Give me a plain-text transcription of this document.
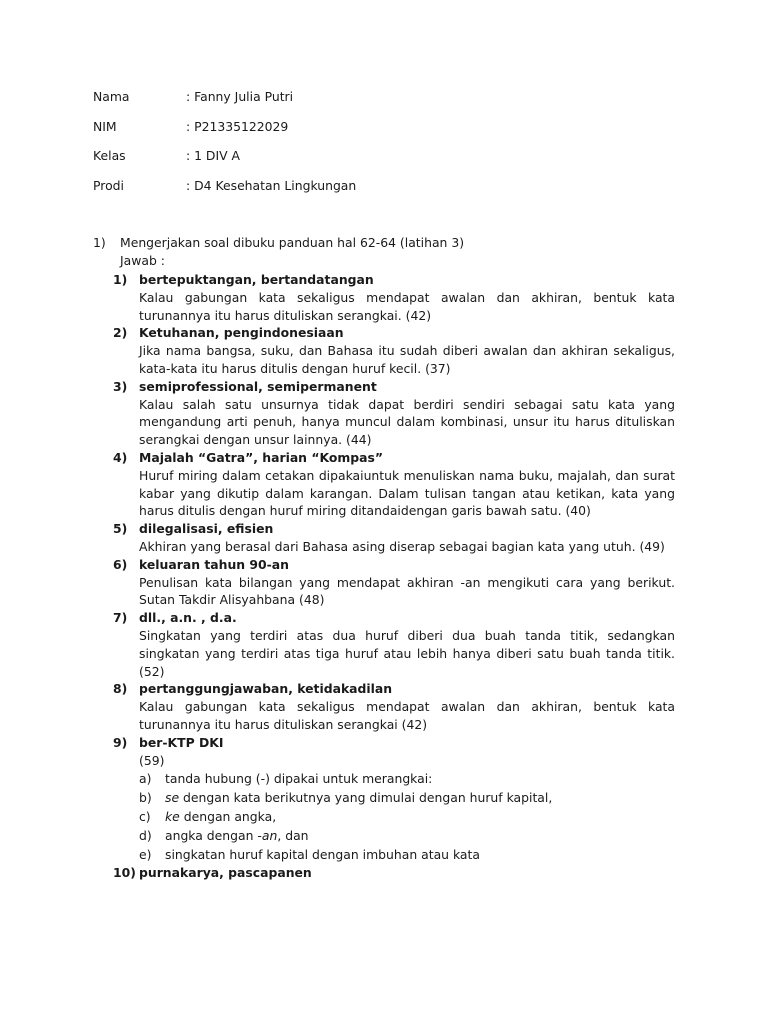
Nama	: Fanny Julia Putri
NIM	: P21335122029
Kelas	: 1 DIV A
Prodi	: D4 Kesehatan Lingkungan
1)	Mengerjakan soal dibuku panduan hal 62-64 (latihan 3)
Jawab :
1) bertepuktangan, bertandatangan
Kalau gabungan kata sekaligus mendapat awalan dan akhiran, bentuk kata turunannya itu harus dituliskan serangkai. (42)
2) Ketuhanan, pengindonesiaan
Jika nama bangsa, suku, dan Bahasa itu sudah diberi awalan dan akhiran sekaligus, kata-kata itu harus ditulis dengan huruf kecil. (37)
3) semiprofessional, semipermanent
Kalau salah satu unsurnya tidak dapat berdiri sendiri sebagai satu kata yang mengandung arti penuh, hanya muncul dalam kombinasi, unsur itu harus dituliskan serangkai dengan unsur lainnya. (44)
4) Majalah “Gatra”, harian “Kompas”
Huruf miring dalam cetakan dipakaiuntuk menuliskan nama buku, majalah, dan surat kabar yang dikutip dalam karangan. Dalam tulisan tangan atau ketikan, kata yang harus ditulis dengan huruf miring ditandaidengan garis bawah satu. (40)
5) dilegalisasi, efisien
Akhiran yang berasal dari Bahasa asing diserap sebagai bagian kata yang utuh. (49)
6) keluaran tahun 90-an
Penulisan kata bilangan yang mendapat akhiran -an mengikuti cara yang berikut. Sutan Takdir Alisyahbana (48)
7) dll., a.n. , d.a.
Singkatan yang terdiri atas dua huruf diberi dua buah tanda titik, sedangkan singkatan yang terdiri atas tiga huruf atau lebih hanya diberi satu buah tanda titik. (52)
8) pertanggungjawaban, ketidakadilan
Kalau gabungan kata sekaligus mendapat awalan dan akhiran, bentuk kata turunannya itu harus dituliskan serangkai (42)
9) ber-KTP DKI
(59)
a)	tanda hubung (-) dipakai untuk merangkai:
b)	se dengan kata berikutnya yang dimulai dengan huruf kapital,
c)	ke dengan angka,
d)	angka dengan -an, dan
e)	singkatan huruf kapital dengan imbuhan atau kata
10) purnakarya, pascapanen
